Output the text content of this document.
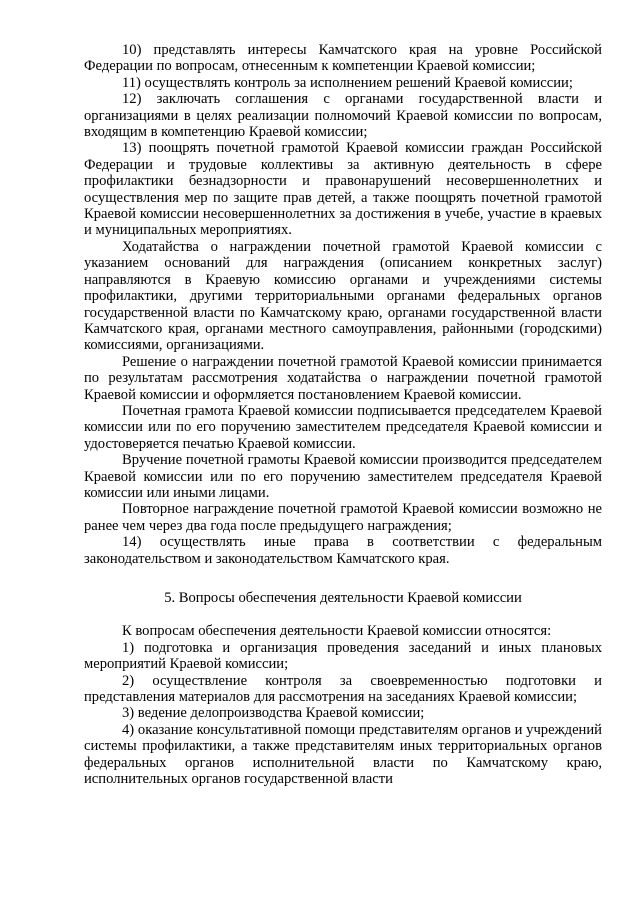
10) представлять интересы Камчатского края на уровне Российской Федерации по вопросам, отнесенным к компетенции Краевой комиссии;

11) осуществлять контроль за исполнением решений Краевой комиссии;

12) заключать соглашения с органами государственной власти и организациями в целях реализации полномочий Краевой комиссии по вопросам, входящим в компетенцию Краевой комиссии;

13) поощрять почетной грамотой Краевой комиссии граждан Российской Федерации и трудовые коллективы за активную деятельность в сфере профилактики безнадзорности и правонарушений несовершеннолетних и осуществления мер по защите прав детей, а также поощрять почетной грамотой Краевой комиссии несовершеннолетних за достижения в учебе, участие в краевых и муниципальных мероприятиях.

Ходатайства о награждении почетной грамотой Краевой комиссии с указанием оснований для награждения (описанием конкретных заслуг) направляются в Краевую комиссию органами и учреждениями системы профилактики, другими территориальными органами федеральных органов государственной власти по Камчатскому краю, органами государственной власти Камчатского края, органами местного самоуправления, районными (городскими) комиссиями, организациями.

Решение о награждении почетной грамотой Краевой комиссии принимается по результатам рассмотрения ходатайства о награждении почетной грамотой Краевой комиссии и оформляется постановлением Краевой комиссии.

Почетная грамота Краевой комиссии подписывается председателем Краевой комиссии или по его поручению заместителем председателя Краевой комиссии и удостоверяется печатью Краевой комиссии.

Вручение почетной грамоты Краевой комиссии производится председателем Краевой комиссии или по его поручению заместителем председателя Краевой комиссии или иными лицами.

Повторное награждение почетной грамотой Краевой комиссии возможно не ранее чем через два года после предыдущего награждения;

14) осуществлять иные права в соответствии с федеральным законодательством и законодательством Камчатского края.

5. Вопросы обеспечения деятельности Краевой комиссии

К вопросам обеспечения деятельности Краевой комиссии относятся:

1) подготовка и организация проведения заседаний и иных плановых мероприятий Краевой комиссии;

2) осуществление контроля за своевременностью подготовки и представления материалов для рассмотрения на заседаниях Краевой комиссии;

3) ведение делопроизводства Краевой комиссии;

4) оказание консультативной помощи представителям органов и учреждений системы профилактики, а также представителям иных территориальных органов федеральных органов исполнительной власти по Камчатскому краю, исполнительных органов государственной власти
